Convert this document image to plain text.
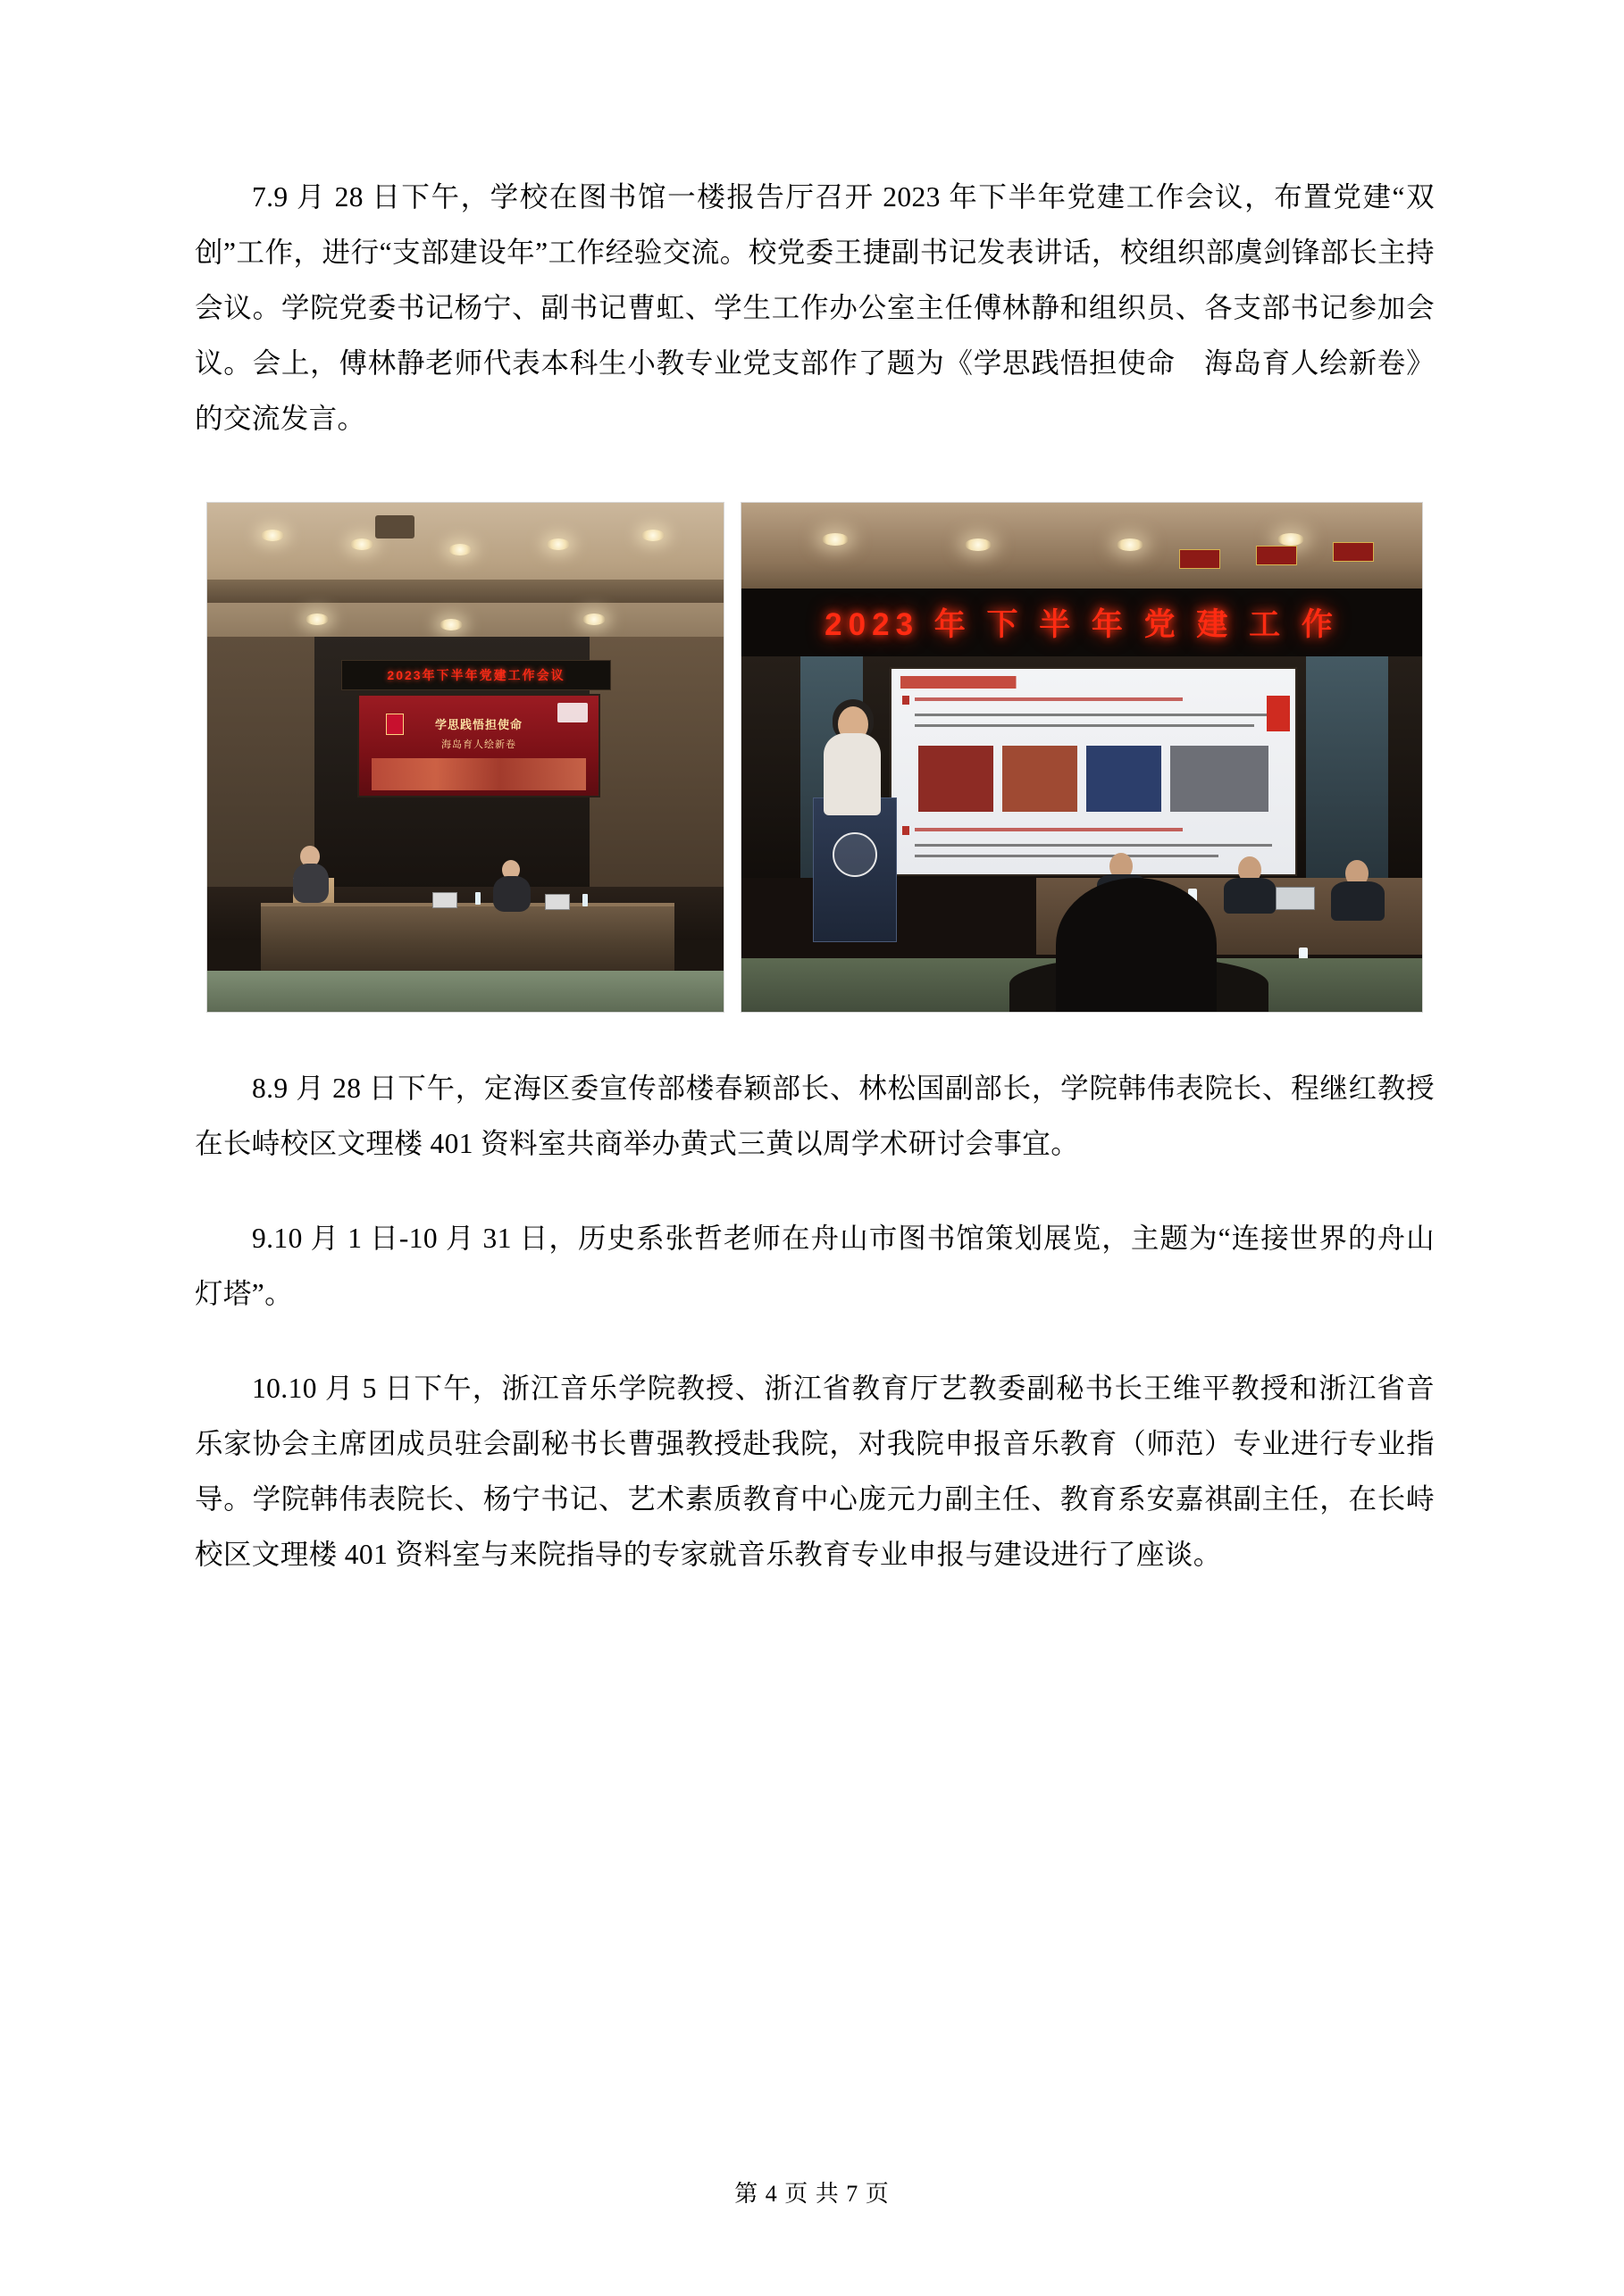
7.9 月 28 日下午，学校在图书馆一楼报告厅召开 2023 年下半年党建工作会议，布置党建“双创”工作，进行“支部建设年”工作经验交流。校党委王捷副书记发表讲话，校组织部虞剑锋部长主持会议。学院党委书记杨宁、副书记曹虹、学生工作办公室主任傅林静和组织员、各支部书记参加会议。会上，傅林静老师代表本科生小教专业党支部作了题为《学思践悟担使命　海岛育人绘新卷》的交流发言。

2023年下半年党建工作会议
学思践悟担使命
海岛育人绘新卷
2023 年 下 半 年 党 建 工 作

8.9 月 28 日下午，定海区委宣传部楼春颖部长、林松国副部长，学院韩伟表院长、程继红教授在长峙校区文理楼 401 资料室共商举办黄式三黄以周学术研讨会事宜。

9.10 月 1 日-10 月 31 日，历史系张哲老师在舟山市图书馆策划展览，主题为“连接世界的舟山灯塔”。

10.10 月 5 日下午，浙江音乐学院教授、浙江省教育厅艺教委副秘书长王维平教授和浙江省音乐家协会主席团成员驻会副秘书长曹强教授赴我院，对我院申报音乐教育（师范）专业进行专业指导。学院韩伟表院长、杨宁书记、艺术素质教育中心庞元力副主任、教育系安嘉祺副主任，在长峙校区文理楼 401 资料室与来院指导的专家就音乐教育专业申报与建设进行了座谈。

第 4 页 共 7 页
